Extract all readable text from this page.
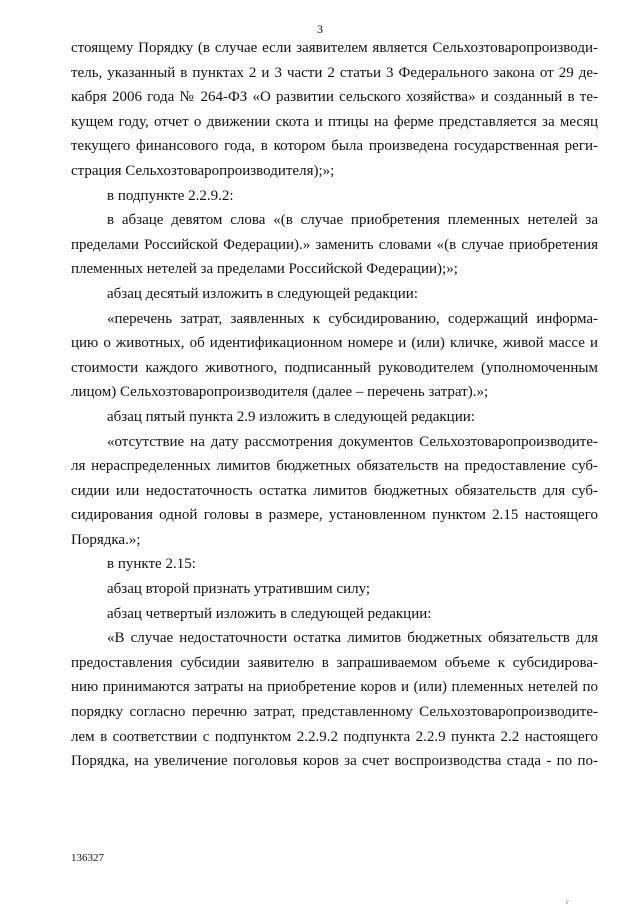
3
стоящему Порядку (в случае если заявителем является Сельхозтоваропроизводи-
тель, указанный в пунктах 2 и 3 части 2 статьи 3 Федерального закона от 29 де-
кабря 2006 года № 264-ФЗ «О развитии сельского хозяйства» и созданный в те-
кущем году, отчет о движении скота и птицы на ферме представляется за месяц
текущего финансового года, в котором была произведена государственная реги-
страция Сельхозтоваропроизводителя);»;
в подпункте 2.2.9.2:
в абзаце девятом слова «(в случае приобретения племенных нетелей за
пределами Российской Федерации).» заменить словами «(в случае приобретения
племенных нетелей за пределами Российской Федерации);»;
абзац десятый изложить в следующей редакции:
«перечень затрат, заявленных к субсидированию, содержащий информа-
цию о животных, об идентификационном номере и (или) кличке, живой массе и
стоимости каждого животного, подписанный руководителем (уполномоченным
лицом) Сельхозтоваропроизводителя (далее – перечень затрат).»;
абзац пятый пункта 2.9 изложить в следующей редакции:
«отсутствие на дату рассмотрения документов Сельхозтоваропроизводите-
ля нераспределенных лимитов бюджетных обязательств на предоставление суб-
сидии или недостаточность остатка лимитов бюджетных обязательств для суб-
сидирования одной головы в размере, установленном пунктом 2.15 настоящего
Порядка.»;
в пункте 2.15:
абзац второй признать утратившим силу;
абзац четвертый изложить в следующей редакции:
«В случае недостаточности остатка лимитов бюджетных обязательств для
предоставления субсидии заявителю в запрашиваемом объеме к субсидирова-
нию принимаются затраты на приобретение коров и (или) племенных нетелей по
порядку согласно перечню затрат, представленному Сельхозтоваропроизводите-
лем в соответствии с подпунктом 2.2.9.2 подпункта 2.2.9 пункта 2.2 настоящего
Порядка, на увеличение поголовья коров за счет воспроизводства стада - по по-
136327
г
